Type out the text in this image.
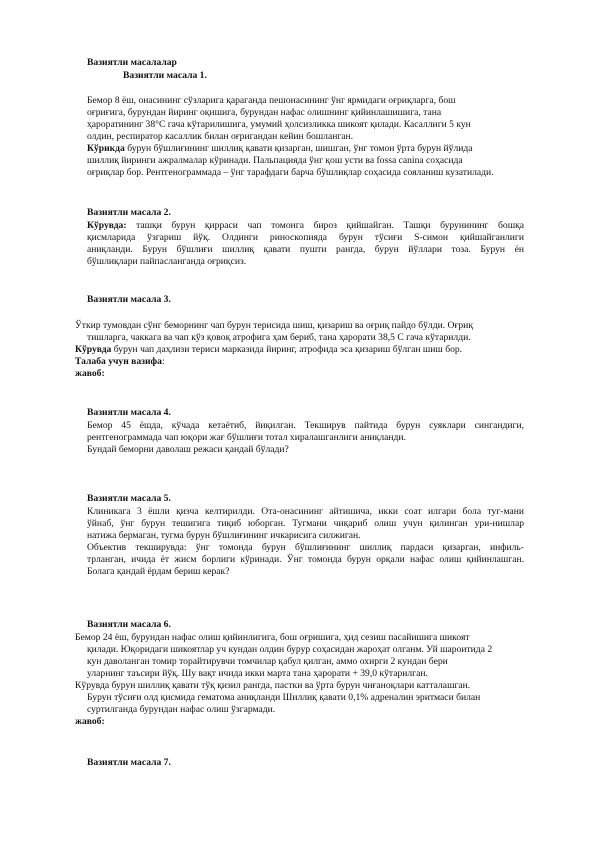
Вазиятли масалалар
Вазиятли масала 1.
Бемор 8 ёш, онасининг сўзларига қараганда пешонасининг ўнг ярмидаги оғриқларга, бош
оғриғига, бурундан йиринг оқишига, бурундан нафас олишнинг қийинлашишига, тана
ҳароратининг 38°С гача кўтарилишига, умумий ҳолсизликка шикоят қилади. Касаллиги 5 кун
олдин, респиратор касаллик билан оғригандан кейин бошланган.
Кўрикда бурун бўшлиғининг шиллиқ қавати қизарган, шишган, ўнг томон ўрта бурун йўлида
шиллиқ йиринги ажралмалар кўринади. Пальпацияда ўнг қош усти ва fossa canina соҳасида
оғриқлар бор. Рентгенограммада – ўнг тарафдаги барча бўшлиқлар соҳасида сояланиш кузатилади.
Вазиятли масала 2.
Кўрувда: ташқи бурун қирраси чап томонга бироз қийшайган. Ташқи бурунининг бошқа
қисмларида ўзгариш йўқ. Олдинги риноскопияда бурун тўсиғи S-симон қийшайганлиги
аниқланди. Бурун бўшлиғи шиллиқ қавати пушти рангда, бурун йўллари тоза. Бурун ён
бўшлиқлари пайпасланганда оғриқсиз.
Вазиятли масала 3.
Ўткир тумовдан сўнг беморнинг чап бурун терисида шиш, қизариш ва оғриқ пайдо бўлди. Оғриқ
тишларга, чаккага ва чап кўз қовоқ атрофига ҳам бериб, тана ҳарорати 38,5 С гача кўтарилди.
Кўрувда бурун чап даҳлизи териси марказида йиринг, атрофида эса қизариш бўлган шиш бор.
Талаба учун вазифа:
жавоб:
Вазиятли масала 4.
Бемор 45 ёшда, кўчада кетаётиб, йиқилган. Текширув пайтида бурун суяклари сингандиги,
рентгенограммада чап юқори жағ бўшлиғи тотал хиралашганлиги аниқланди.
Бундай беморни даволаш режаси қандай бўлади?
Вазиятли масала 5.
Клиникага 3 ёшли қизча келтирилди. Ота-онасининг айтишича, икки соат илгари бола туг-мани
ўйнаб, ўнг бурун тешигига тиқиб юборган. Тугмани чиқариб олиш учун қилинган ури-нишлар
натижа бермаган, тугма бурун бўшлиғининг ичкарисига силжиган.
Объектив текширувда: ўнг томонда бурун бўшлиғининг шиллиқ пардаси қизарган, инфиль-
трланган, ичида ёт жисм борлиги кўринади. Ўнг томонда бурун орқали нафас олиш қийинлашган.
Болага қандай ёрдам бериш керак?
Вазиятли масала 6.
Бемор 24 ёш, бурундан нафас олиш қийинлигига, бош оғришига, ҳид сезиш пасайишига шикоят
қилади. Юқоридаги шикоятлар уч кундан олдин бурур соҳасидан жароҳат олганм. Уй шароитида 2
кун даволанган томир торайтирувчи томчилар қабул қилган, аммо охирги 2 кундан бери
уларнинг таъсири йўқ. Шу вақт ичида икки марта тана ҳарорати + 39,0 кўтарилган.
Кўрувда бурун шиллиқ қавати тўқ қизил рангда, пастки ва ўрта бурун чиғаноқлари катталашган.
Бурун тўсиғи олд қисмида гематома аниқланди Шиллиқ қавати 0,1% адреналин эритмаси билан
суртилганда бурундан нафас олиш ўзгармади.
жавоб:
Вазиятли масала 7.
